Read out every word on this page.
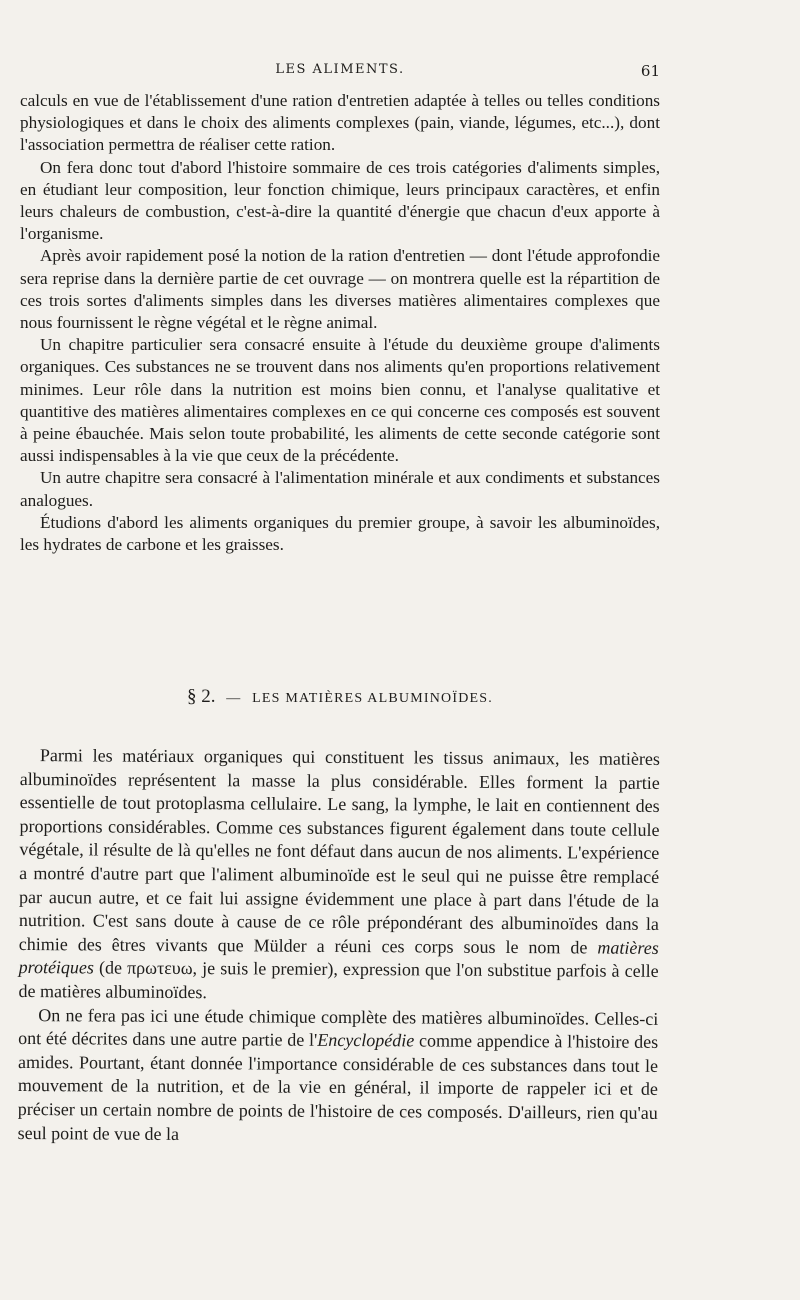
LES ALIMENTS.	61

calculs en vue de l'établissement d'une ration d'entretien adaptée à telles ou telles conditions physiologiques et dans le choix des aliments complexes (pain, viande, légumes, etc...), dont l'association permettra de réaliser cette ration.

On fera donc tout d'abord l'histoire sommaire de ces trois catégories d'aliments simples, en étudiant leur composition, leur fonction chimique, leurs principaux caractères, et enfin leurs chaleurs de combustion, c'est-à-dire la quantité d'énergie que chacun d'eux apporte à l'organisme.

Après avoir rapidement posé la notion de la ration d'entretien — dont l'étude approfondie sera reprise dans la dernière partie de cet ouvrage — on montrera quelle est la répartition de ces trois sortes d'aliments simples dans les diverses matières alimentaires complexes que nous fournissent le règne végétal et le règne animal.

Un chapitre particulier sera consacré ensuite à l'étude du deuxième groupe d'aliments organiques. Ces substances ne se trouvent dans nos aliments qu'en proportions relativement minimes. Leur rôle dans la nutrition est moins bien connu, et l'analyse qualitative et quantitive des matières alimentaires complexes en ce qui concerne ces composés est souvent à peine ébauchée. Mais selon toute probabilité, les aliments de cette seconde catégorie sont aussi indispensables à la vie que ceux de la précédente.

Un autre chapitre sera consacré à l'alimentation minérale et aux condiments et substances analogues.

Étudions d'abord les aliments organiques du premier groupe, à savoir les albuminoïdes, les hydrates de carbone et les graisses.

§ 2. — LES MATIÈRES ALBUMINOÏDES.

Parmi les matériaux organiques qui constituent les tissus animaux, les matières albuminoïdes représentent la masse la plus considérable. Elles forment la partie essentielle de tout protoplasma cellulaire. Le sang, la lymphe, le lait en contiennent des proportions considérables. Comme ces substances figurent également dans toute cellule végétale, il résulte de là qu'elles ne font défaut dans aucun de nos aliments. L'expérience a montré d'autre part que l'aliment albuminoïde est le seul qui ne puisse être remplacé par aucun autre, et ce fait lui assigne évidemment une place à part dans l'étude de la nutrition. C'est sans doute à cause de ce rôle prépondérant des albuminoïdes dans la chimie des êtres vivants que Mülder a réuni ces corps sous le nom de matières protéiques (de πρωτευω, je suis le premier), expression que l'on substitue parfois à celle de matières albuminoïdes.

On ne fera pas ici une étude chimique complète des matières albuminoïdes. Celles-ci ont été décrites dans une autre partie de l'Encyclopédie comme appendice à l'histoire des amides. Pourtant, étant donnée l'importance considérable de ces substances dans tout le mouvement de la nutrition, et de la vie en général, il importe de rappeler ici et de préciser un certain nombre de points de l'histoire de ces composés. D'ailleurs, rien qu'au seul point de vue de la
